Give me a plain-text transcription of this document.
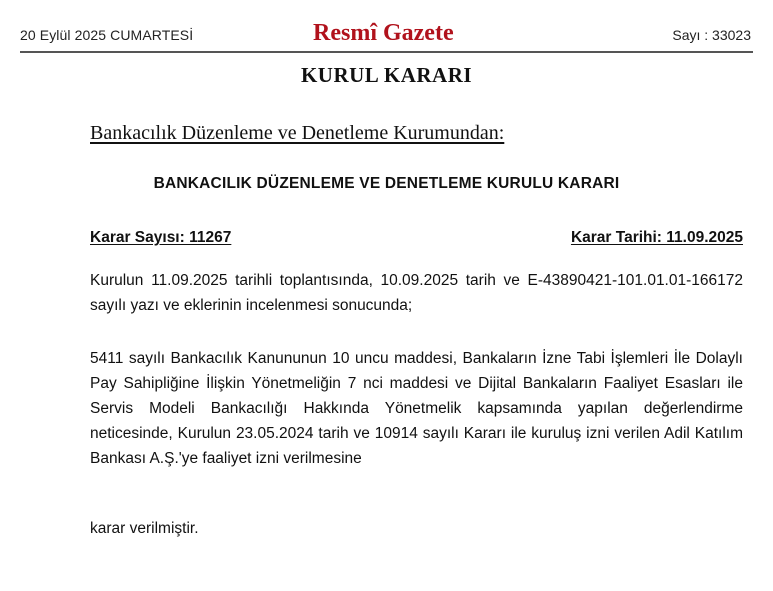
20 Eylül 2025 CUMARTESİ	Resmî Gazete	Sayı : 33023
KURUL KARARI
Bankacılık Düzenleme ve Denetleme Kurumundan:
BANKACILIK DÜZENLEME VE DENETLEME KURULU KARARI
Karar Sayısı: 11267	Karar Tarihi: 11.09.2025
Kurulun 11.09.2025 tarihli toplantısında, 10.09.2025 tarih ve E-43890421-101.01.01-166172 sayılı yazı ve eklerinin incelenmesi sonucunda;
5411 sayılı Bankacılık Kanununun 10 uncu maddesi, Bankaların İzne Tabi İşlemleri İle Dolaylı Pay Sahipliğine İlişkin Yönetmeliğin 7 nci maddesi ve Dijital Bankaların Faaliyet Esasları ile Servis Modeli Bankacılığı Hakkında Yönetmelik kapsamında yapılan değerlendirme neticesinde, Kurulun 23.05.2024 tarih ve 10914 sayılı Kararı ile kuruluş izni verilen Adil Katılım Bankası A.Ş.'ye faaliyet izni verilmesine
karar verilmiştir.
